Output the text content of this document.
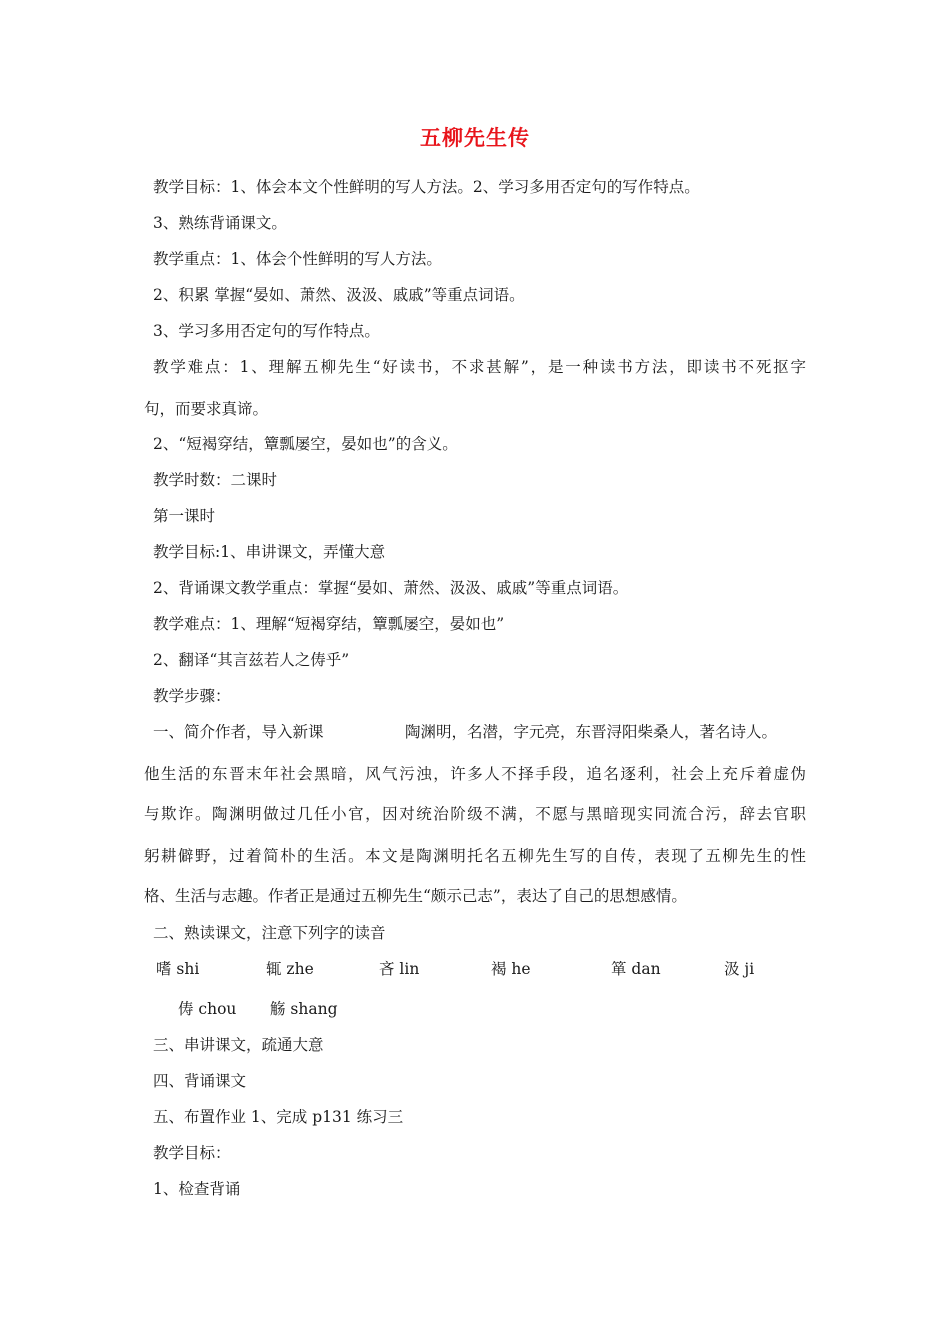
五柳先生传
教学目标：1、体会本文个性鲜明的写人方法。2、学习多用否定句的写作特点。
3、熟练背诵课文。
教学重点：1、体会个性鲜明的写人方法。
2、积累 掌握“晏如、萧然、汲汲、戚戚”等重点词语。
3、学习多用否定句的写作特点。
教学难点：1、理解五柳先生“好读书，不求甚解”，是一种读书方法，即读书不死抠字
句，而要求真谛。
2、“短褐穿结，簟瓢屡空，晏如也”的含义。
教学时数：二课时
第一课时
教学目标:1、串讲课文，弄懂大意
2、背诵课文教学重点：掌握“晏如、萧然、汲汲、戚戚”等重点词语。
教学难点：1、理解“短褐穿结，簟瓢屡空，晏如也”
2、翻译“其言兹若人之俦乎”
教学步骤：
一、简介作者，导入新课	陶渊明，名潜，字元亮，东晋浔阳柴桑人，著名诗人。
他生活的东晋末年社会黑暗，风气污浊，许多人不择手段，追名逐利，社会上充斥着虚伪
与欺诈。陶渊明做过几任小官，因对统治阶级不满，不愿与黑暗现实同流合污，辞去官职
躬耕僻野，过着简朴的生活。本文是陶渊明托名五柳先生写的自传，表现了五柳先生的性
格、生活与志趣。作者正是通过五柳先生“颇示己志”，表达了自己的思想感情。
二、熟读课文，注意下列字的读音
嗜 shi	辄 zhe	吝 lin	褐 he	箪 dan	汲 ji
俦 chou 觞 shang
三、串讲课文，疏通大意
四、背诵课文
五、布置作业 1、完成 p131 练习三
教学目标：
1、检查背诵
